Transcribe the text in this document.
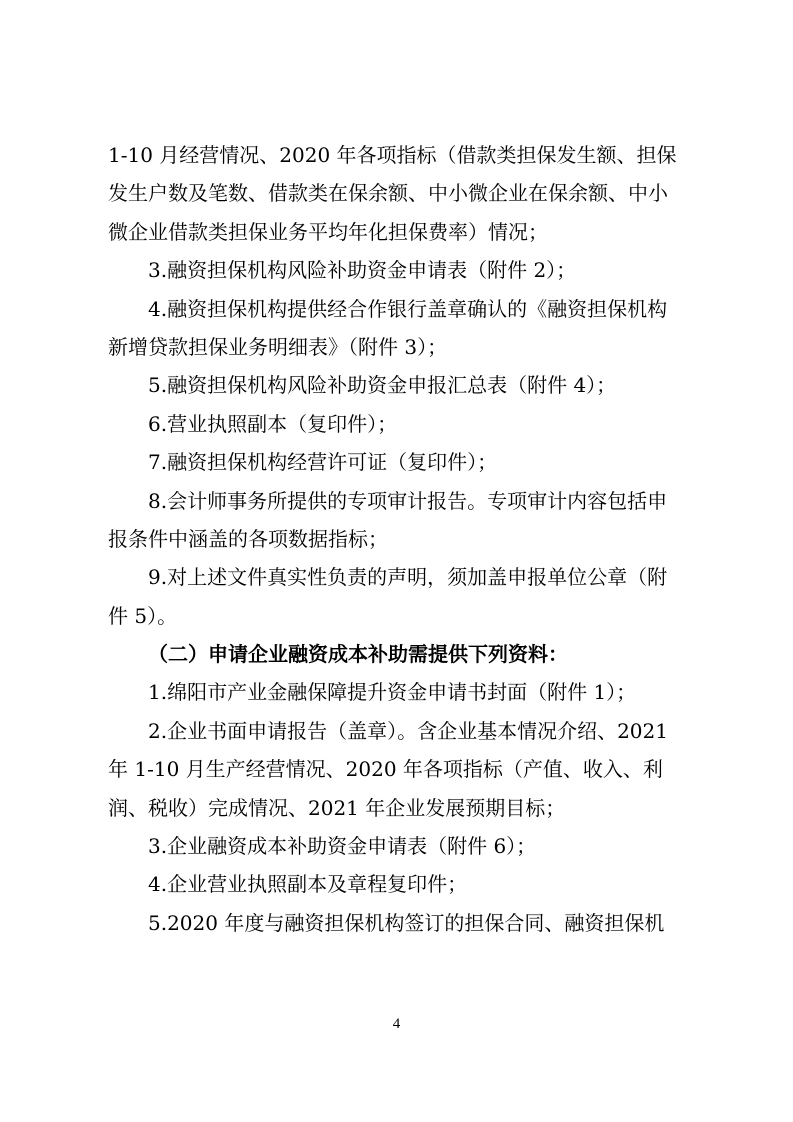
1-10 月经营情况、2020 年各项指标（借款类担保发生额、担保
发生户数及笔数、借款类在保余额、中小微企业在保余额、中小
微企业借款类担保业务平均年化担保费率）情况；
3.融资担保机构风险补助资金申请表（附件 2）；
4.融资担保机构提供经合作银行盖章确认的《融资担保机构
新增贷款担保业务明细表》（附件 3）；
5.融资担保机构风险补助资金申报汇总表（附件 4）；
6.营业执照副本（复印件）；
7.融资担保机构经营许可证（复印件）；
8.会计师事务所提供的专项审计报告。专项审计内容包括申
报条件中涵盖的各项数据指标；
9.对上述文件真实性负责的声明，须加盖申报单位公章（附
件 5）。
（二）申请企业融资成本补助需提供下列资料：
1.绵阳市产业金融保障提升资金申请书封面（附件 1）；
2.企业书面申请报告（盖章）。含企业基本情况介绍、2021
年 1-10 月生产经营情况、2020 年各项指标（产值、收入、利
润、税收）完成情况、2021 年企业发展预期目标；
3.企业融资成本补助资金申请表（附件 6）；
4.企业营业执照副本及章程复印件；
5.2020 年度与融资担保机构签订的担保合同、融资担保机
4
